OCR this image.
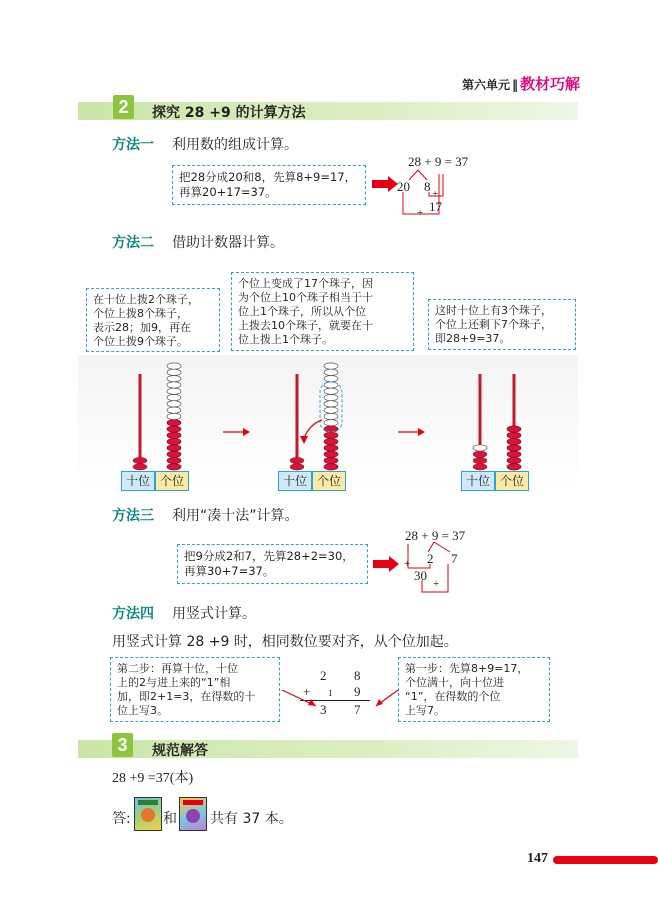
第六单元 ‖ 教材巧解
2	探究 28 +9 的计算方法
方法一 利用数的组成计算。
把28分成20和8，先算8+9=17，
再算20+17=37。
28 + 9 = 37
20 8 +
17
+
方法二 借助计数器计算。
在十位上拨2个珠子，
个位上拨8个珠子，
表示28；加9，再在
个位上拨9个珠子。
个位上变成了17个珠子，因
为个位上10个珠子相当于十
位上1个珠子，所以从个位
上拨去10个珠子，就要在十
位上拨上1个珠子。
这时十位上有3个珠子，
个位上还剩下7个珠子，
即28+9=37。
十位 个位	十位 个位	十位 个位
方法三 利用“凑十法”计算。
把9分成2和7，先算28+2=30，
再算30+7=37。
28 + 9 = 37
2 7
+
30
+
方法四 用竖式计算。
用竖式计算 28 +9 时，相同数位要对齐，从个位加起。
第二步：再算十位，十位
上的2与进上来的“1”相
加，即2+1=3，在得数的十
位上写3。
第一步：先算8+9=17，
个位满十，向十位进
“1”，在得数的个位
上写7。
2 8
+ 1 9
3 7
3	规范解答
28 +9 =37(本)
答: 和 共有 37 本。
147
